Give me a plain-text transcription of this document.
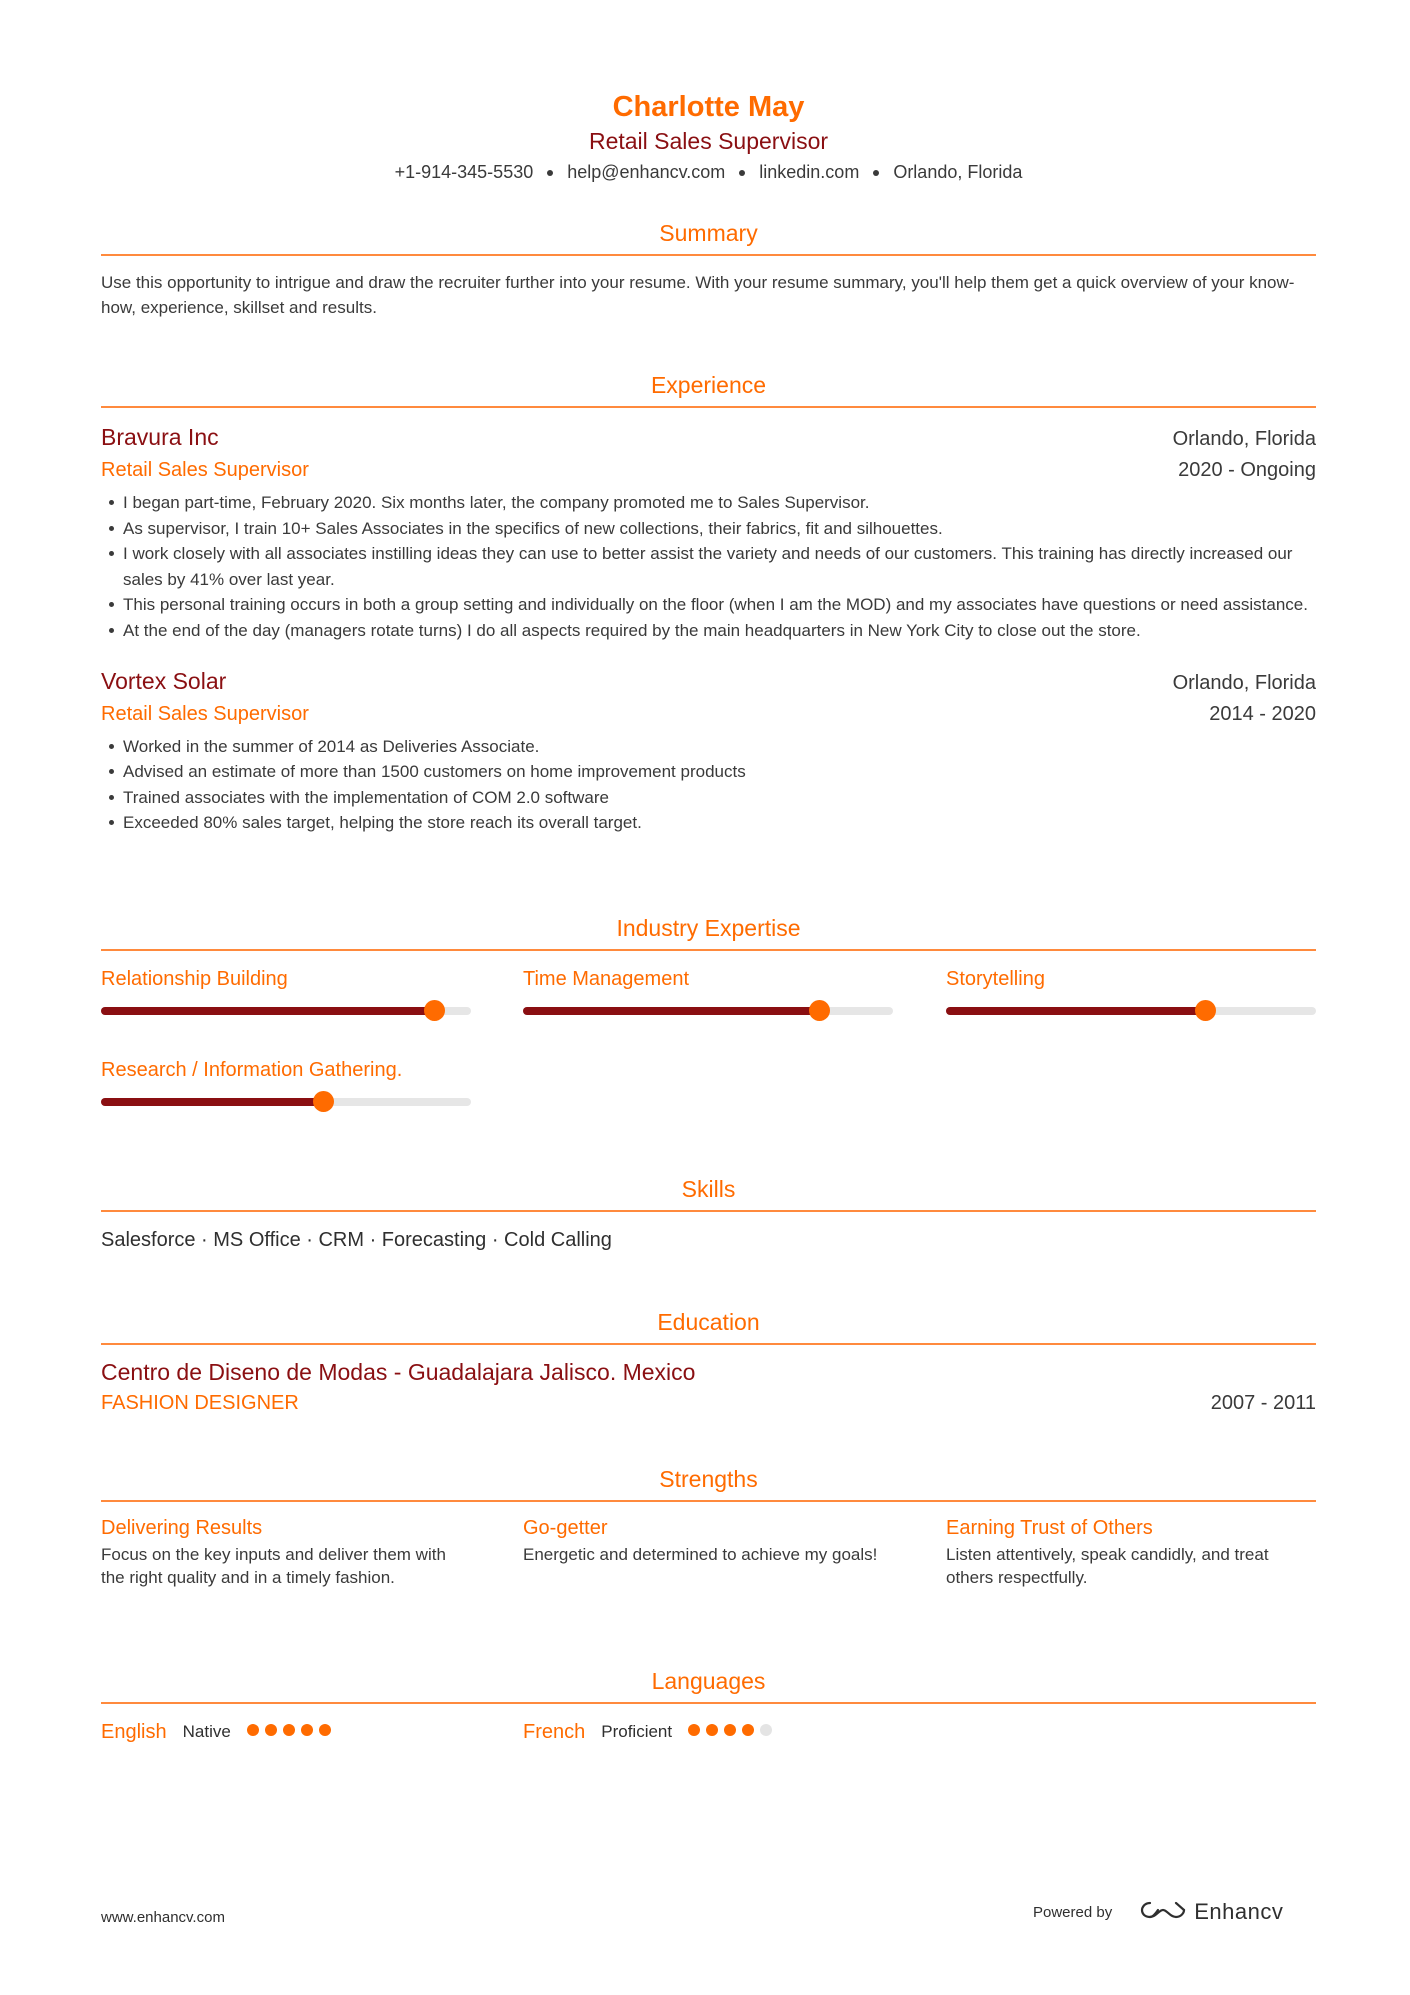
Charlotte May
Retail Sales Supervisor
+1-914-345-5530 help@enhancv.com linkedin.com Orlando, Florida
Summary
Use this opportunity to intrigue and draw the recruiter further into your resume. With your resume summary, you'll help them get a quick overview of your know-how, experience, skillset and results.
Experience
Bravura Inc	Orlando, Florida
Retail Sales Supervisor	2020 - Ongoing
I began part-time, February 2020. Six months later, the company promoted me to Sales Supervisor.
As supervisor, I train 10+ Sales Associates in the specifics of new collections, their fabrics, fit and silhouettes.
I work closely with all associates instilling ideas they can use to better assist the variety and needs of our customers. This training has directly increased our sales by 41% over last year.
This personal training occurs in both a group setting and individually on the floor (when I am the MOD) and my associates have questions or need assistance.
At the end of the day (managers rotate turns) I do all aspects required by the main headquarters in New York City to close out the store.
Vortex Solar	Orlando, Florida
Retail Sales Supervisor	2014 - 2020
Worked in the summer of 2014 as Deliveries Associate.
Advised an estimate of more than 1500 customers on home improvement products
Trained associates with the implementation of COM 2.0 software
Exceeded 80% sales target, helping the store reach its overall target.
Industry Expertise
Relationship Building	Time Management	Storytelling
Research / Information Gathering.
Skills
Salesforce · MS Office · CRM · Forecasting · Cold Calling
Education
Centro de Diseno de Modas - Guadalajara Jalisco. Mexico
FASHION DESIGNER	2007 - 2011
Strengths
Delivering Results
Focus on the key inputs and deliver them with the right quality and in a timely fashion.
Go-getter
Energetic and determined to achieve my goals!
Earning Trust of Others
Listen attentively, speak candidly, and treat others respectfully.
Languages
English Native	French Proficient
www.enhancv.com	Powered by	Enhancv
